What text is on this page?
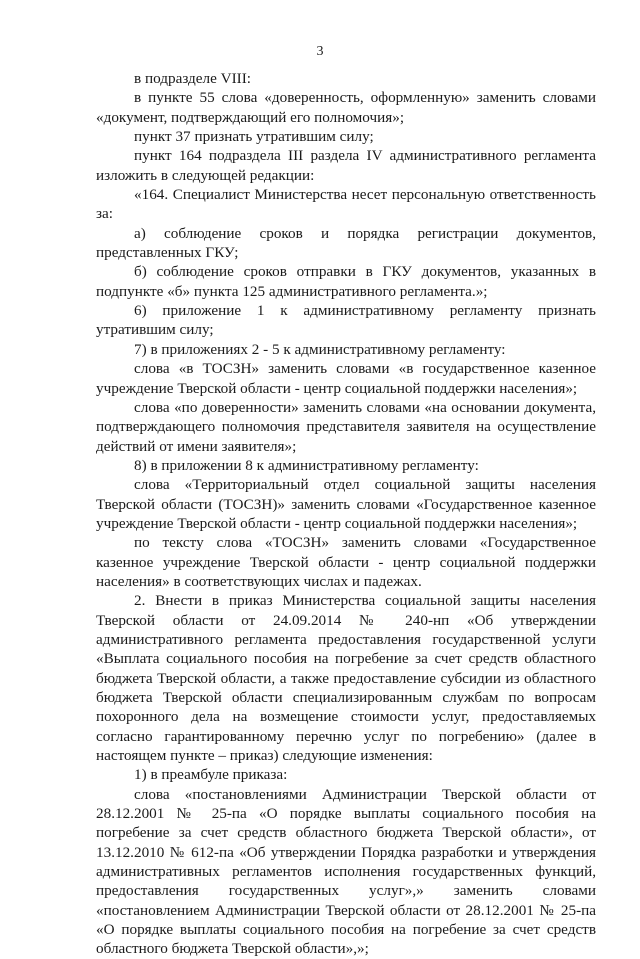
3

в подразделе VIII:

в пункте 55 слова «доверенность, оформленную» заменить словами «документ, подтверждающий его полномочия»;

пункт 37 признать утратившим силу;

пункт 164 подраздела III раздела IV административного регламента изложить в следующей редакции:

«164. Специалист Министерства несет персональную ответственность за:

а) соблюдение сроков и порядка регистрации документов, представленных ГКУ;

б) соблюдение сроков отправки в ГКУ документов, указанных в подпункте «б» пункта 125 административного регламента.»;

6) приложение 1 к административному регламенту признать утратившим силу;

7) в приложениях 2 - 5 к административному регламенту:

слова «в ТОСЗН» заменить словами «в государственное казенное учреждение Тверской области - центр социальной поддержки населения»;

слова «по доверенности» заменить словами «на основании документа, подтверждающего полномочия представителя заявителя на осуществление действий от имени заявителя»;

8) в приложении 8 к административному регламенту:

слова «Территориальный отдел социальной защиты населения Тверской области (ТОСЗН)» заменить словами «Государственное казенное учреждение Тверской области - центр социальной поддержки населения»;

по тексту слова «ТОСЗН» заменить словами «Государственное казенное учреждение Тверской области - центр социальной поддержки населения» в соответствующих числах и падежах.

2. Внести в приказ Министерства социальной защиты населения Тверской области от 24.09.2014 № 240-нп «Об утверждении административного регламента предоставления государственной услуги «Выплата социального пособия на погребение за счет средств областного бюджета Тверской области, а также предоставление субсидии из областного бюджета Тверской области специализированным службам по вопросам похоронного дела на возмещение стоимости услуг, предоставляемых согласно гарантированному перечню услуг по погребению» (далее в настоящем пункте – приказ) следующие изменения:

1) в преамбуле приказа:

слова «постановлениями Администрации Тверской области от 28.12.2001 № 25-па «О порядке выплаты социального пособия на погребение за счет средств областного бюджета Тверской области», от 13.12.2010 № 612-па «Об утверждении Порядка разработки и утверждения административных регламентов исполнения государственных функций, предоставления государственных услуг»,» заменить словами «постановлением Администрации Тверской области от 28.12.2001 № 25-па «О порядке выплаты социального пособия на погребение за счет средств областного бюджета Тверской области»,»;
